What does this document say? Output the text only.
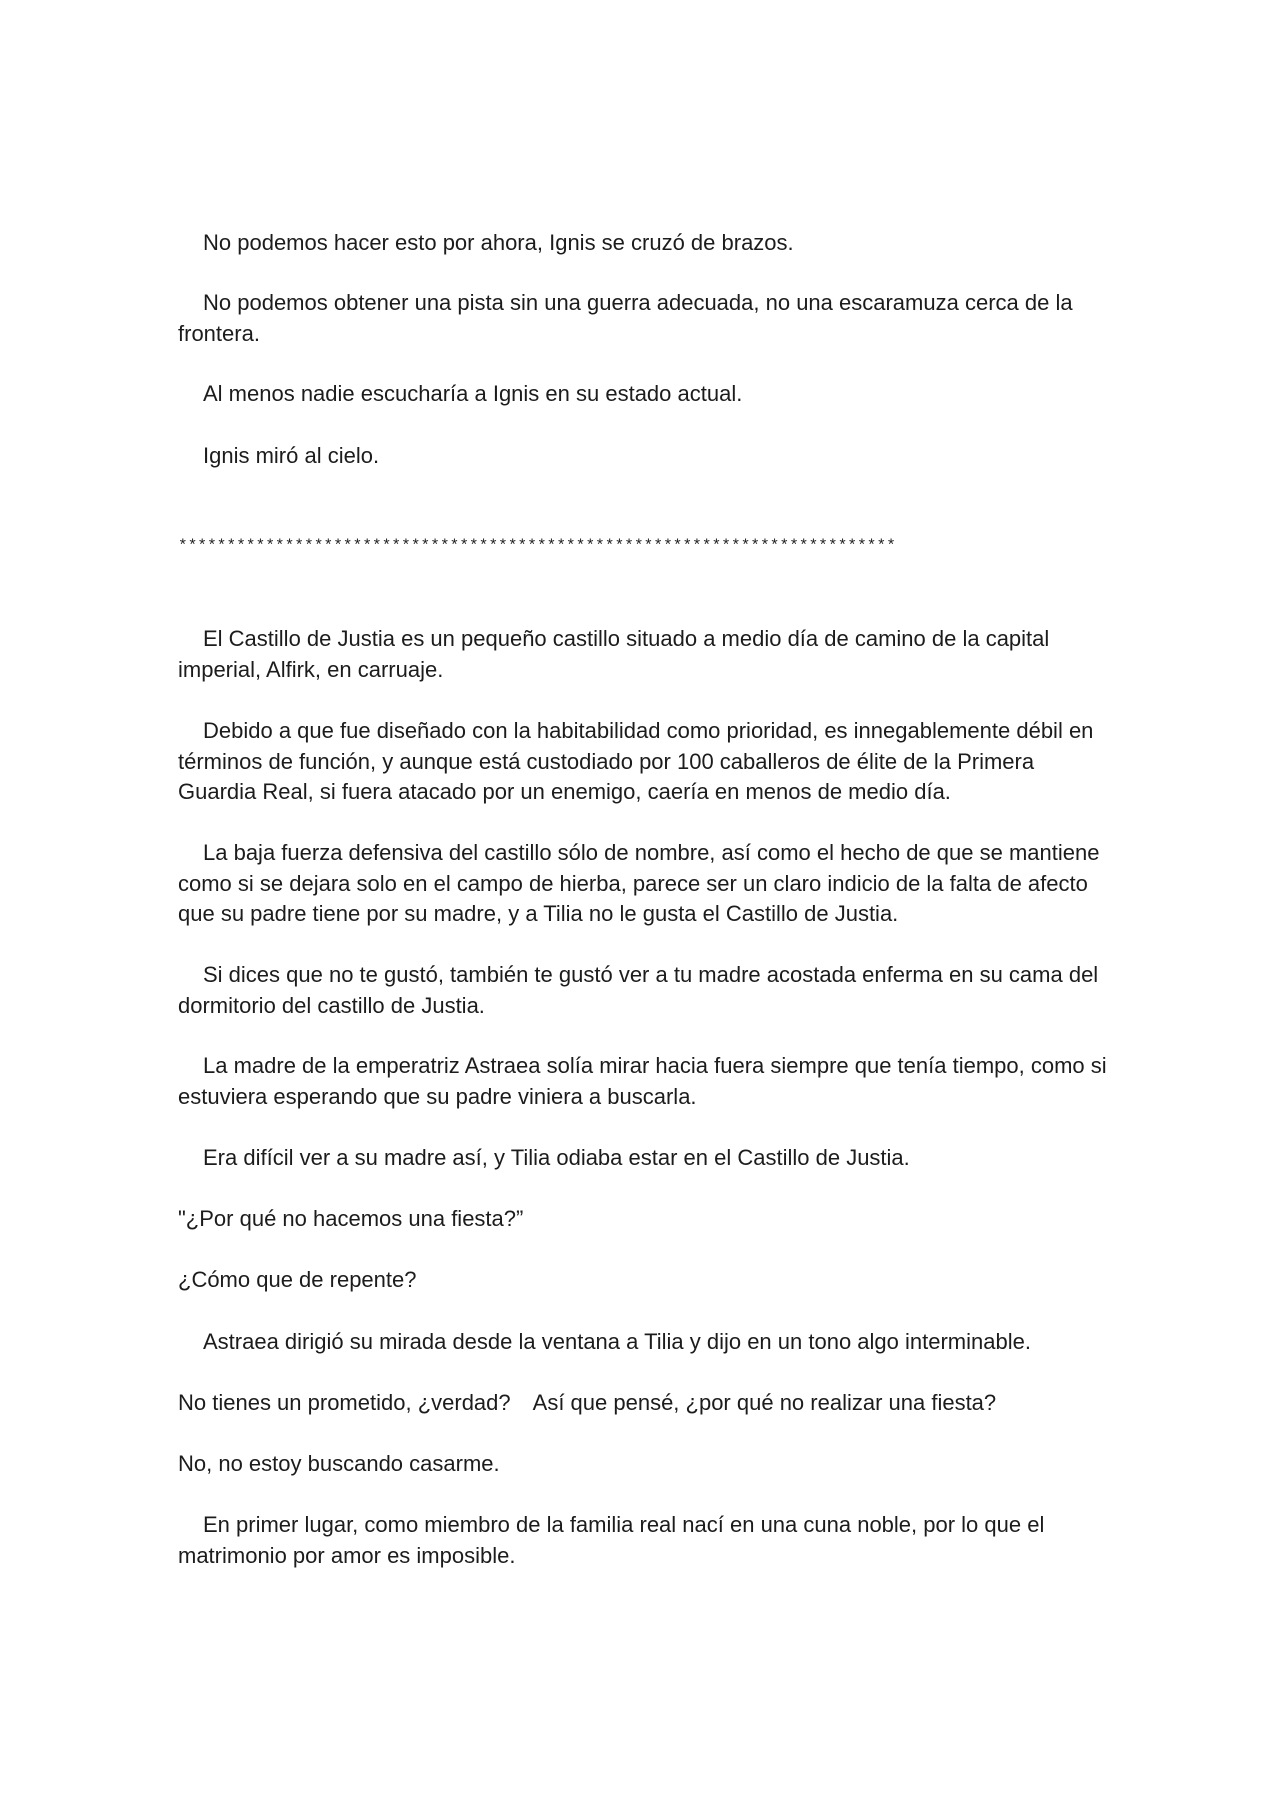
No podemos hacer esto por ahora, Ignis se cruzó de brazos.

No podemos obtener una pista sin una guerra adecuada, no una escaramuza cerca de la frontera.

Al menos nadie escucharía a Ignis en su estado actual.

Ignis miró al cielo.

**************************************************************************

El Castillo de Justia es un pequeño castillo situado a medio día de camino de la capital imperial, Alfirk, en carruaje.

Debido a que fue diseñado con la habitabilidad como prioridad, es innegablemente débil en términos de función, y aunque está custodiado por 100 caballeros de élite de la Primera Guardia Real, si fuera atacado por un enemigo, caería en menos de medio día.

La baja fuerza defensiva del castillo sólo de nombre, así como el hecho de que se mantiene como si se dejara solo en el campo de hierba, parece ser un claro indicio de la falta de afecto que su padre tiene por su madre, y a Tilia no le gusta el Castillo de Justia.

Si dices que no te gustó, también te gustó ver a tu madre acostada enferma en su cama del dormitorio del castillo de Justia.

La madre de la emperatriz Astraea solía mirar hacia fuera siempre que tenía tiempo, como si estuviera esperando que su padre viniera a buscarla.

Era difícil ver a su madre así, y Tilia odiaba estar en el Castillo de Justia.

"¿Por qué no hacemos una fiesta?”

¿Cómo que de repente?

Astraea dirigió su mirada desde la ventana a Tilia y dijo en un tono algo interminable.

No tienes un prometido, ¿verdad? Así que pensé, ¿por qué no realizar una fiesta?

No, no estoy buscando casarme.

En primer lugar, como miembro de la familia real nací en una cuna noble, por lo que el matrimonio por amor es imposible.
